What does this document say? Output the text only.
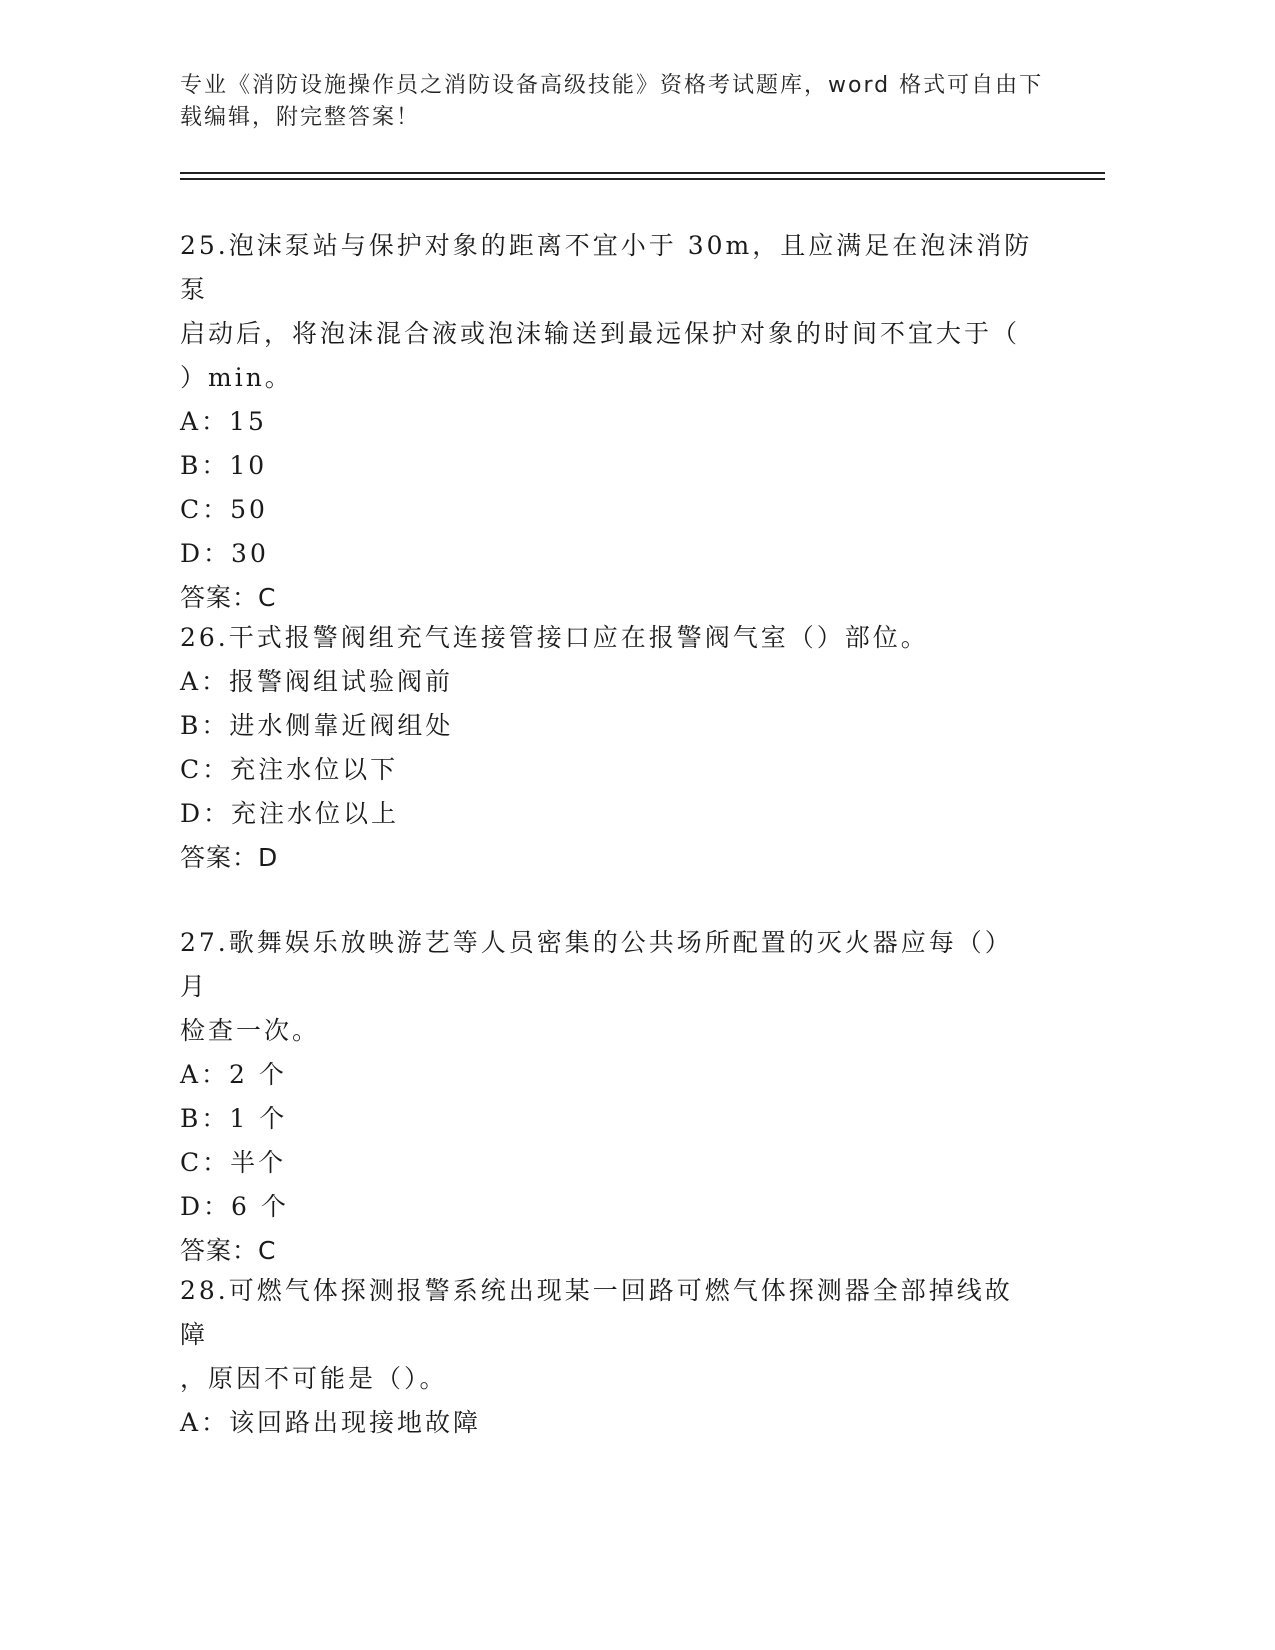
专业《消防设施操作员之消防设备高级技能》资格考试题库，word 格式可自由下
载编辑，附完整答案！

25.泡沫泵站与保护对象的距离不宜小于 30m，且应满足在泡沫消防泵

启动后，将泡沫混合液或泡沫输送到最远保护对象的时间不宜大于（

）min。

A：15

B：10

C：50

D：30

答案：C

26.干式报警阀组充气连接管接口应在报警阀气室（）部位。

A：报警阀组试验阀前

B：进水侧靠近阀组处

C：充注水位以下

D：充注水位以上

答案：D

27.歌舞娱乐放映游艺等人员密集的公共场所配置的灭火器应每（）月

检查一次。

A：2 个

B：1 个

C：半个

D：6 个

答案：C

28.可燃气体探测报警系统出现某一回路可燃气体探测器全部掉线故障

，原因不可能是（）。

A：该回路出现接地故障
